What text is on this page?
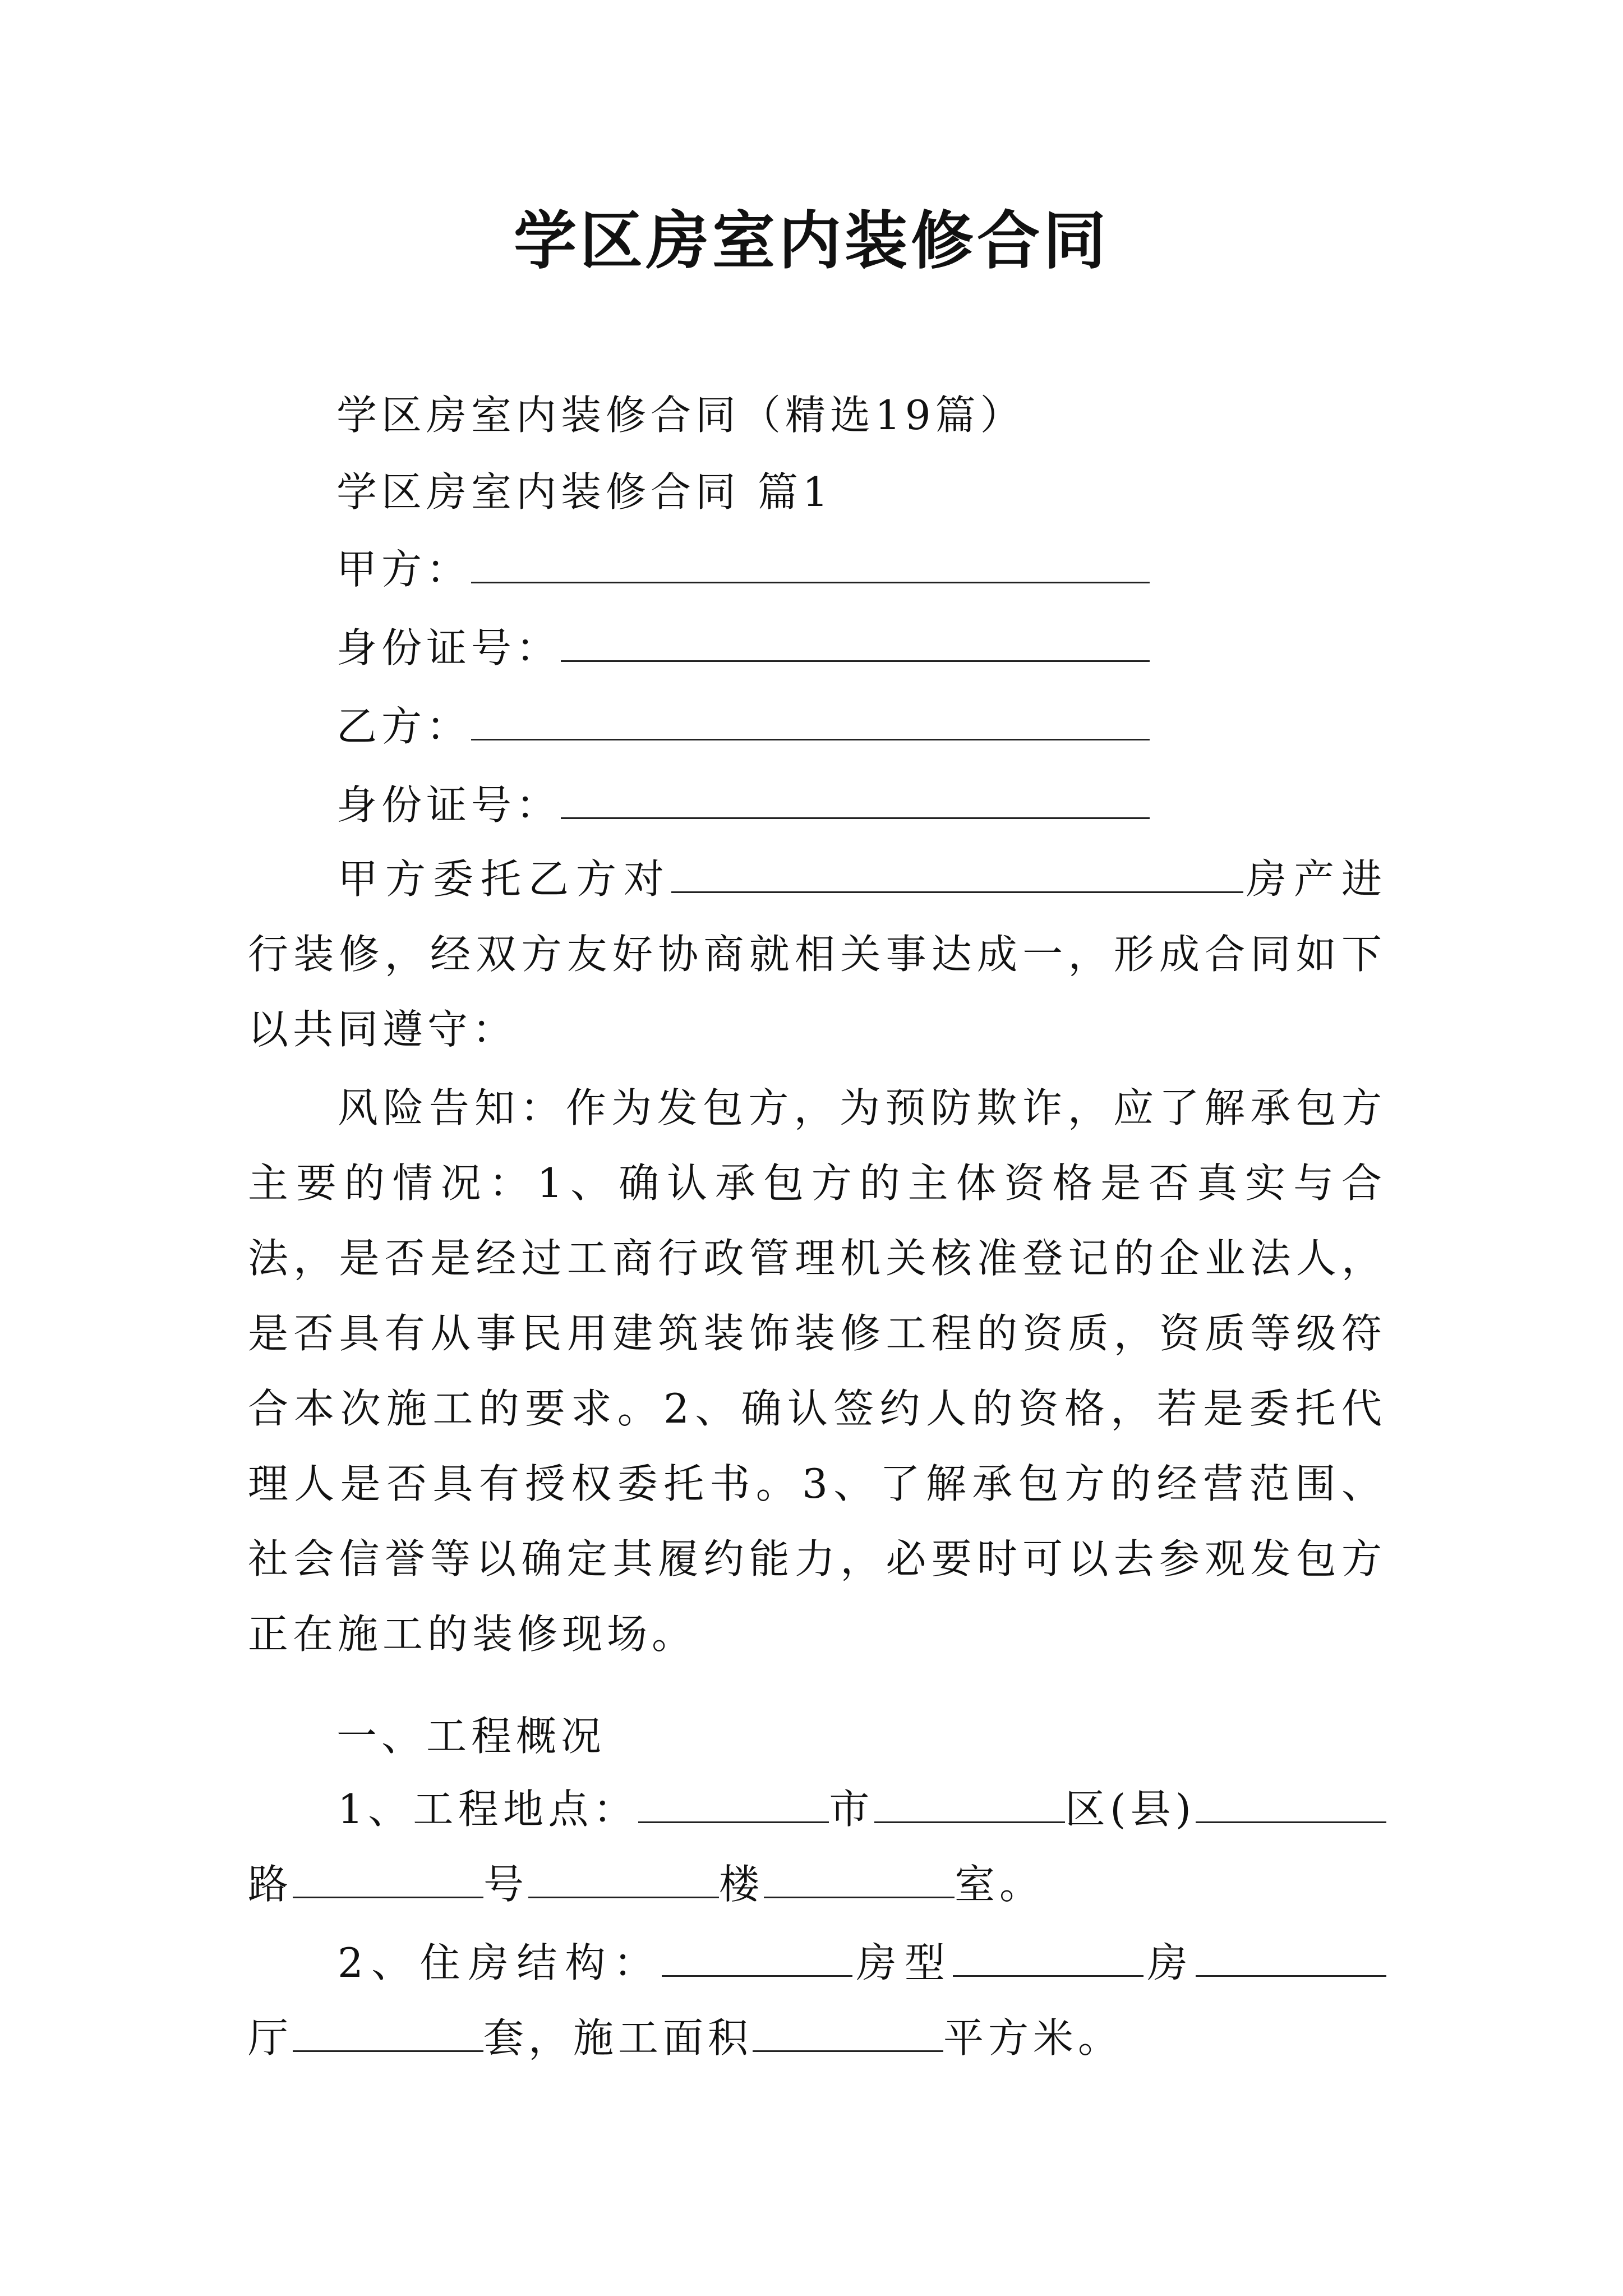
学区房室内装修合同
学区房室内装修合同（精选19篇）
学区房室内装修合同 篇1
甲方：
身份证号：
乙方：
身份证号：
甲方委托乙方对	房产进行装修，经双方友好协商就相关事达成一，形成合同如下以共同遵守：
风险告知：作为发包方，为预防欺诈，应了解承包方主要的情况：1、确认承包方的主体资格是否真实与合法，是否是经过工商行政管理机关核准登记的企业法人，是否具有从事民用建筑装饰装修工程的资质，资质等级符合本次施工的要求。2、确认签约人的资格，若是委托代理人是否具有授权委托书。3、了解承包方的经营范围、社会信誉等以确定其履约能力，必要时可以去参观发包方正在施工的装修现场。
一、工程概况
1、工程地点：	市	区(县)路	号	楼	室。
2、住房结构：	房型	房厅	套，施工面积	平方米。
